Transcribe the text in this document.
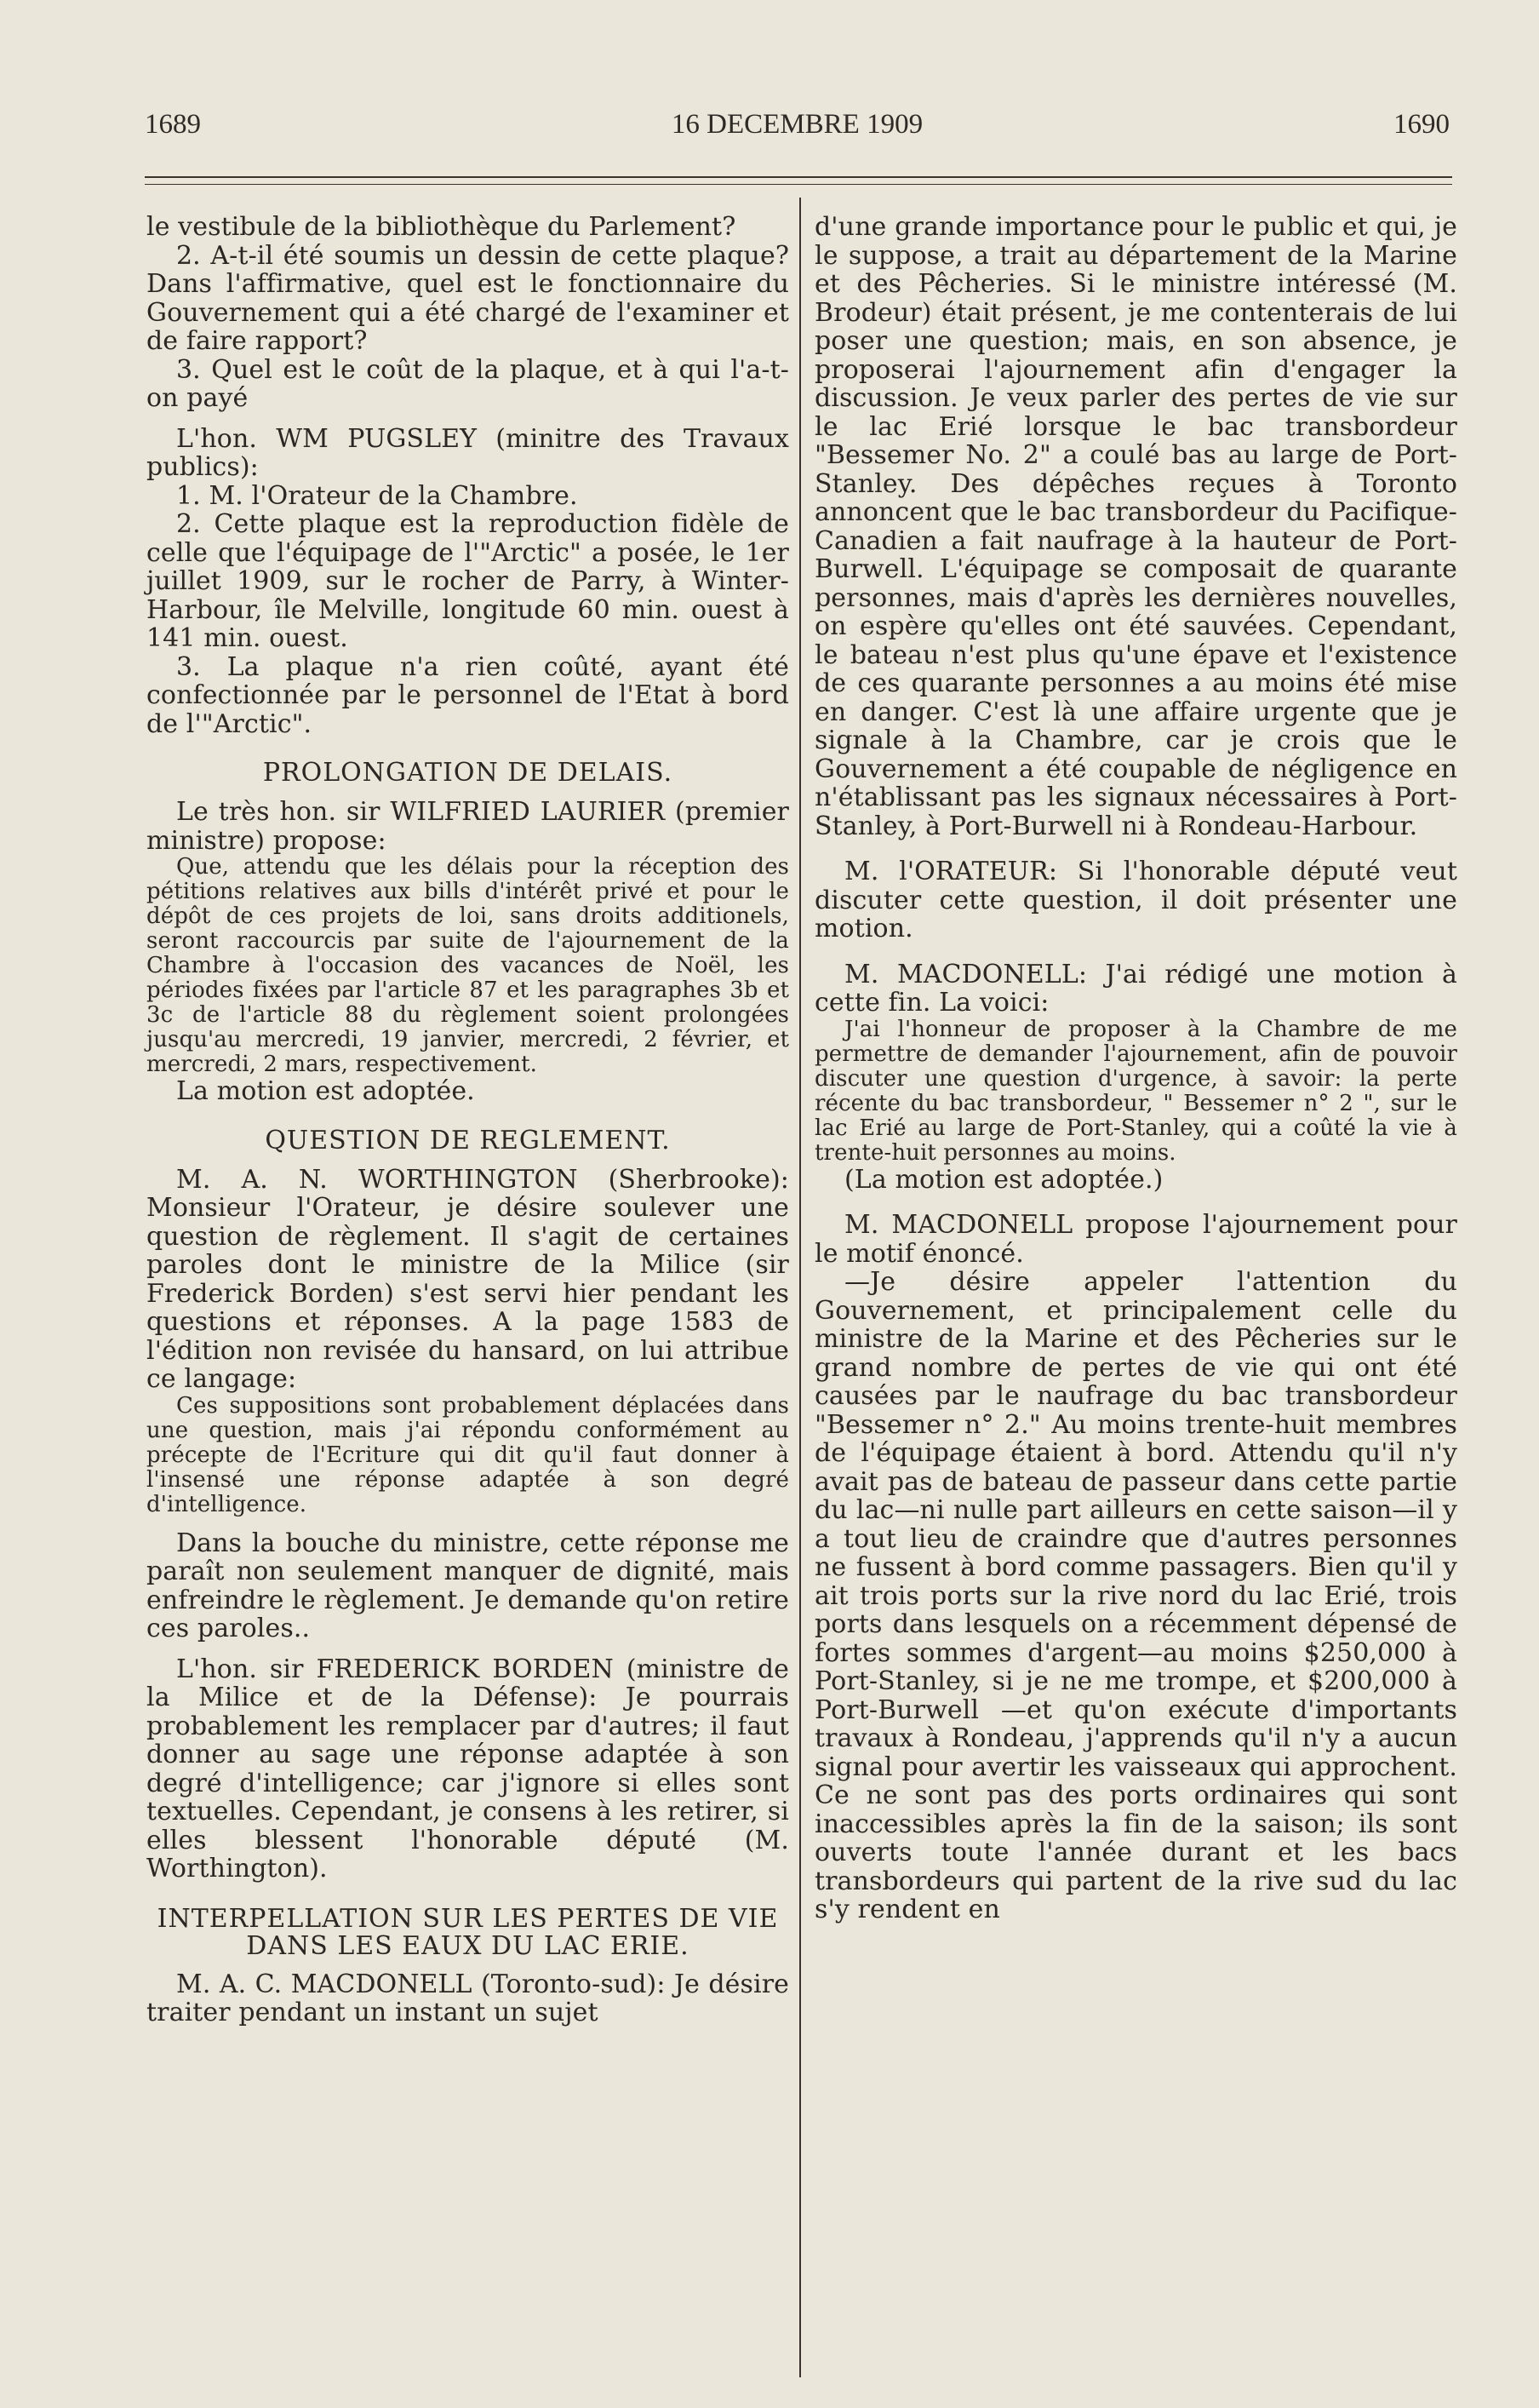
1689	16 DECEMBRE 1909	1690

le vestibule de la bibliothèque du Parlement?

2. A-t-il été soumis un dessin de cette plaque? Dans l'affirmative, quel est le fonctionnaire du Gouvernement qui a été chargé de l'examiner et de faire rapport?

3. Quel est le coût de la plaque, et à qui l'a-t-on payé

L'hon. WM PUGSLEY (minitre des Travaux publics):

1. M. l'Orateur de la Chambre.

2. Cette plaque est la reproduction fidèle de celle que l'équipage de l'"Arctic" a posée, le 1er juillet 1909, sur le rocher de Parry, à Winter-Harbour, île Melville, longitude 60 min. ouest à 141 min. ouest.

3. La plaque n'a rien coûté, ayant été confectionnée par le personnel de l'Etat à bord de l'"Arctic".

PROLONGATION DE DELAIS.

Le très hon. sir WILFRIED LAURIER (premier ministre) propose:

Que, attendu que les délais pour la réception des pétitions relatives aux bills d'intérêt privé et pour le dépôt de ces projets de loi, sans droits additionels, seront raccourcis par suite de l'ajournement de la Chambre à l'occasion des vacances de Noël, les périodes fixées par l'article 87 et les paragraphes 3b et 3c de l'article 88 du règlement soient prolongées jusqu'au mercredi, 19 janvier, mercredi, 2 février, et mercredi, 2 mars, respectivement.

La motion est adoptée.

QUESTION DE REGLEMENT.

M. A. N. WORTHINGTON (Sherbrooke): Monsieur l'Orateur, je désire soulever une question de règlement. Il s'agit de certaines paroles dont le ministre de la Milice (sir Frederick Borden) s'est servi hier pendant les questions et réponses. A la page 1583 de l'édition non revisée du hansard, on lui attribue ce langage:

Ces suppositions sont probablement déplacées dans une question, mais j'ai répondu conformément au précepte de l'Ecriture qui dit qu'il faut donner à l'insensé une réponse adaptée à son degré d'intelligence.

Dans la bouche du ministre, cette réponse me paraît non seulement manquer de dignité, mais enfreindre le règlement. Je demande qu'on retire ces paroles..

L'hon. sir FREDERICK BORDEN (ministre de la Milice et de la Défense): Je pourrais probablement les remplacer par d'autres; il faut donner au sage une réponse adaptée à son degré d'intelligence; car j'ignore si elles sont textuelles. Cependant, je consens à les retirer, si elles blessent l'honorable député (M. Worthington).

INTERPELLATION SUR LES PERTES DE VIE DANS LES EAUX DU LAC ERIE.

M. A. C. MACDONELL (Toronto-sud): Je désire traiter pendant un instant un sujet

d'une grande importance pour le public et qui, je le suppose, a trait au département de la Marine et des Pêcheries. Si le ministre intéressé (M. Brodeur) était présent, je me contenterais de lui poser une question; mais, en son absence, je proposerai l'ajournement afin d'engager la discussion. Je veux parler des pertes de vie sur le lac Erié lorsque le bac transbordeur "Bessemer No. 2" a coulé bas au large de Port-Stanley. Des dépêches reçues à Toronto annoncent que le bac transbordeur du Pacifique-Canadien a fait naufrage à la hauteur de Port-Burwell. L'équipage se composait de quarante personnes, mais d'après les dernières nouvelles, on espère qu'elles ont été sauvées. Cependant, le bateau n'est plus qu'une épave et l'existence de ces quarante personnes a au moins été mise en danger. C'est là une affaire urgente que je signale à la Chambre, car je crois que le Gouvernement a été coupable de négligence en n'établissant pas les signaux nécessaires à Port-Stanley, à Port-Burwell ni à Rondeau-Harbour.

M. l'ORATEUR: Si l'honorable député veut discuter cette question, il doit présenter une motion.

M. MACDONELL: J'ai rédigé une motion à cette fin. La voici:

J'ai l'honneur de proposer à la Chambre de me permettre de demander l'ajournement, afin de pouvoir discuter une question d'urgence, à savoir: la perte récente du bac transbordeur, " Bessemer n° 2 ", sur le lac Erié au large de Port-Stanley, qui a coûté la vie à trente-huit personnes au moins.

(La motion est adoptée.)

M. MACDONELL propose l'ajournement pour le motif énoncé.

—Je désire appeler l'attention du Gouvernement, et principalement celle du ministre de la Marine et des Pêcheries sur le grand nombre de pertes de vie qui ont été causées par le naufrage du bac transbordeur "Bessemer n° 2." Au moins trente-huit membres de l'équipage étaient à bord. Attendu qu'il n'y avait pas de bateau de passeur dans cette partie du lac—ni nulle part ailleurs en cette saison—il y a tout lieu de craindre que d'autres personnes ne fussent à bord comme passagers. Bien qu'il y ait trois ports sur la rive nord du lac Erié, trois ports dans lesquels on a récemment dépensé de fortes sommes d'argent—au moins $250,000 à Port-Stanley, si je ne me trompe, et $200,000 à Port-Burwell —et qu'on exécute d'importants travaux à Rondeau, j'apprends qu'il n'y a aucun signal pour avertir les vaisseaux qui approchent. Ce ne sont pas des ports ordinaires qui sont inaccessibles après la fin de la saison; ils sont ouverts toute l'année durant et les bacs transbordeurs qui partent de la rive sud du lac s'y rendent en
